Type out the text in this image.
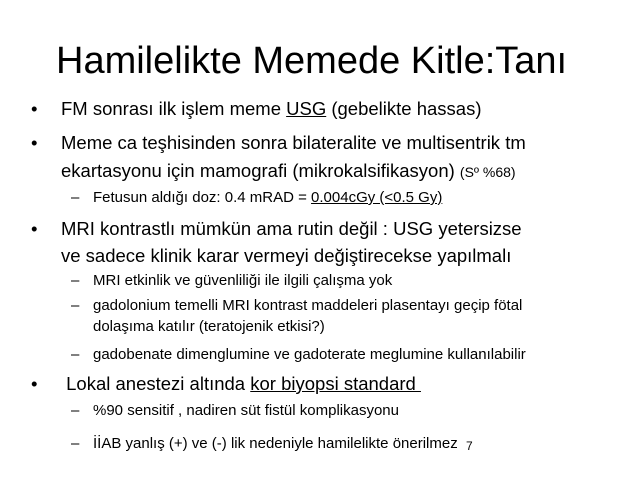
Hamilelikte Memede Kitle:Tanı
• FM sonrası ilk işlem meme USG (gebelikte hassas)
• Meme ca teşhisinden sonra bilateralite ve multisentrik tm
ekartasyonu için mamografi (mikrokalsifikasyon) (Sº %68)
– Fetusun aldığı doz: 0.4 mRAD = 0.004cGy (<0.5 Gy)
• MRI kontrastlı mümkün ama rutin değil : USG yetersizse
ve sadece klinik karar vermeyi değiştirecekse yapılmalı
– MRI etkinlik ve güvenliliği ile ilgili çalışma yok
– gadolonium temelli MRI kontrast maddeleri plasentayı geçip fötal
dolaşıma katılır (teratojenik etkisi?)
– gadobenate dimenglumine ve gadoterate meglumine kullanılabilir
• Lokal anestezi altında kor biyopsi standard
– %90 sensitif , nadiren süt fistül komplikasyonu
– İİAB yanlış (+) ve (-) lik nedeniyle hamilelikte önerilmez 7
